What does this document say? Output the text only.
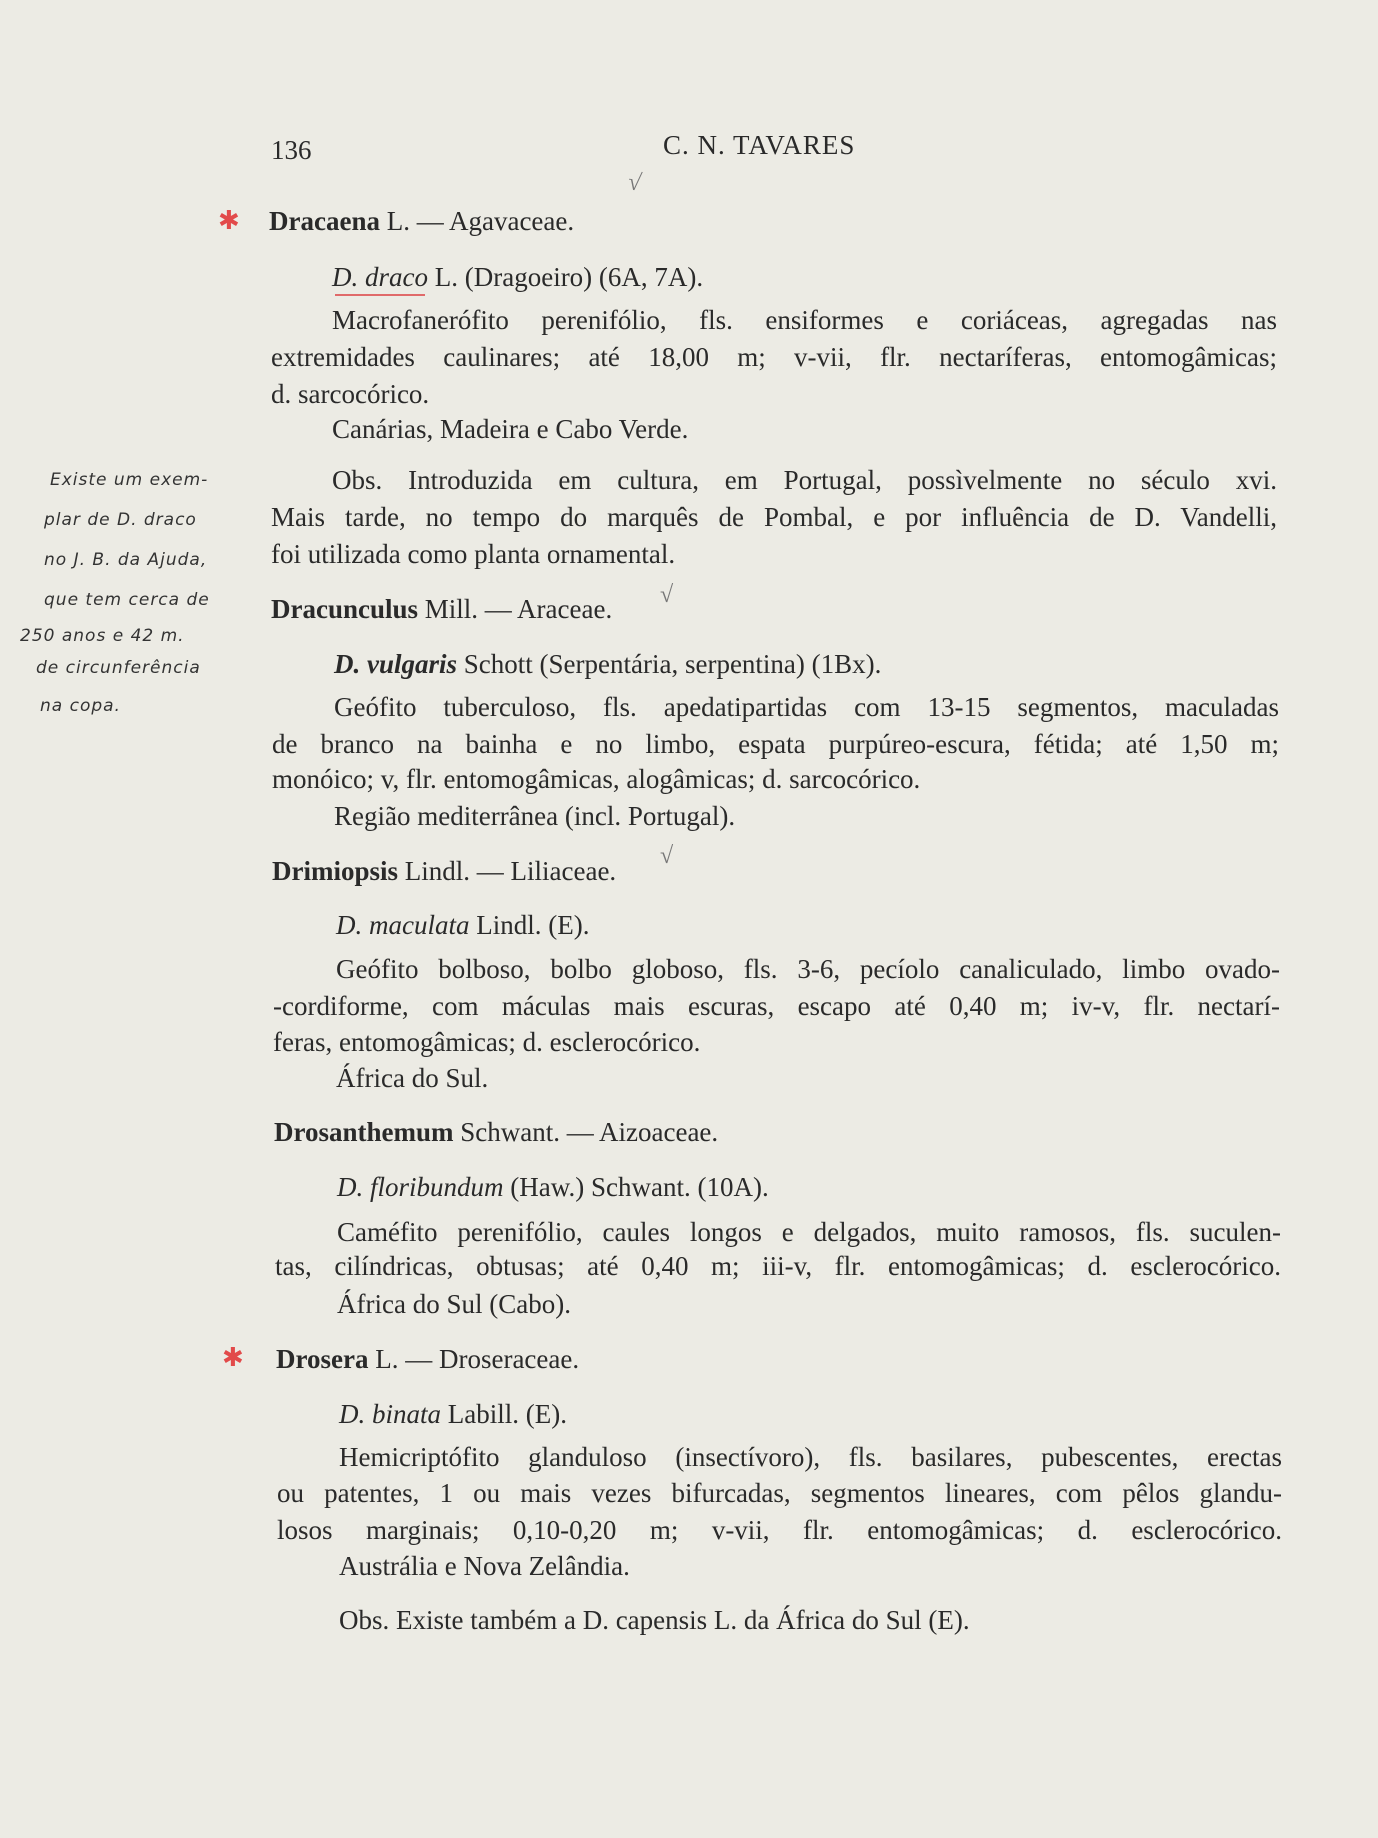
136	C. N. TAVARES
Existe um exem-
plar de D. draco
no J. B. da Ajuda,
que tem cerca de
250 anos e 42 m.
de circunferência
na copa.
✱ Dracaena L. — Agavaceae.
√
D. draco L. (Dragoeiro) (6A, 7A).
Macrofanerófito perenifólio, fls. ensiformes e coriáceas, agregadas nas
extremidades caulinares; até 18,00 m; v-vii, flr. nectaríferas, entomogâmicas;
d. sarcocórico.
Canárias, Madeira e Cabo Verde.
Obs. Introduzida em cultura, em Portugal, possìvelmente no século xvi.
Mais tarde, no tempo do marquês de Pombal, e por influência de D. Vandelli,
foi utilizada como planta ornamental.
Dracunculus Mill. — Araceae. √
D. vulgaris Schott (Serpentária, serpentina) (1Bx).
Geófito tuberculoso, fls. apedatipartidas com 13-15 segmentos, maculadas
de branco na bainha e no limbo, espata purpúreo-escura, fétida; até 1,50 m;
monóico; v, flr. entomogâmicas, alogâmicas; d. sarcocórico.
Região mediterrânea (incl. Portugal).
Drimiopsis Lindl. — Liliaceae. √
D. maculata Lindl. (E).
Geófito bolboso, bolbo globoso, fls. 3-6, pecíolo canaliculado, limbo ovado-
-cordiforme, com máculas mais escuras, escapo até 0,40 m; iv-v, flr. nectarí-
feras, entomogâmicas; d. esclerocórico.
África do Sul.
Drosanthemum Schwant. — Aizoaceae.
D. floribundum (Haw.) Schwant. (10A).
Caméfito perenifólio, caules longos e delgados, muito ramosos, fls. suculen-
tas, cilíndricas, obtusas; até 0,40 m; iii-v, flr. entomogâmicas; d. esclerocórico.
África do Sul (Cabo).
✱ Drosera L. — Droseraceae.
D. binata Labill. (E).
Hemicriptófito glanduloso (insectívoro), fls. basilares, pubescentes, erectas
ou patentes, 1 ou mais vezes bifurcadas, segmentos lineares, com pêlos glandu-
losos marginais; 0,10-0,20 m; v-vii, flr. entomogâmicas; d. esclerocórico.
Austrália e Nova Zelândia.
Obs. Existe também a D. capensis L. da África do Sul (E).
